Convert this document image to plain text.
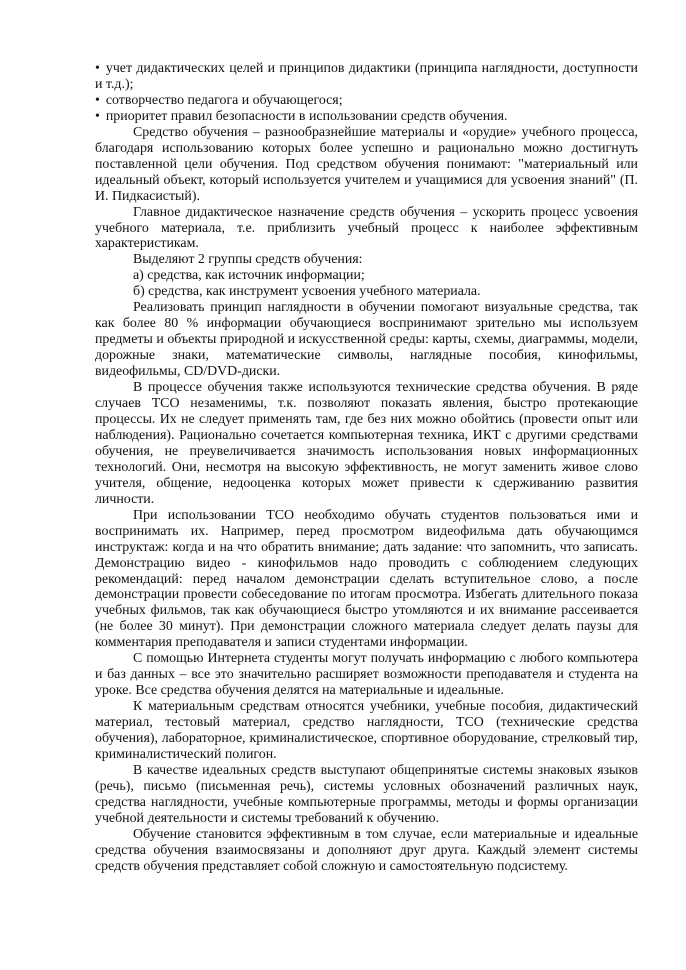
• учет дидактических целей и принципов дидактики (принципа наглядности, доступности и т.д.);

• сотворчество педагога и обучающегося;

• приоритет правил безопасности в использовании средств обучения.

Средство обучения – разнообразнейшие материалы и «орудие» учебного процесса, благодаря использованию которых более успешно и рационально можно достигнуть поставленной цели обучения. Под средством обучения понимают: "материальный или идеальный объект, который используется учителем и учащимися для усвоения знаний" (П. И. Пидкасистый).

Главное дидактическое назначение средств обучения – ускорить процесс усвоения учебного материала, т.е. приблизить учебный процесс к наиболее эффективным характеристикам.

Выделяют 2 группы средств обучения:

а) средства, как источник информации;

б) средства, как инструмент усвоения учебного материала.

Реализовать принцип наглядности в обучении помогают визуальные средства, так как более 80 % информации обучающиеся воспринимают зрительно мы используем предметы и объекты природной и искусственной среды: карты, схемы, диаграммы, модели, дорожные знаки, математические символы, наглядные пособия, кинофильмы, видеофильмы, CD/DVD-диски.

В процессе обучения также используются технические средства обучения. В ряде случаев ТСО незаменимы, т.к. позволяют показать явления, быстро протекающие процессы. Их не следует применять там, где без них можно обойтись (провести опыт или наблюдения). Рационально сочетается компьютерная техника, ИКТ с другими средствами обучения, не преувеличивается значимость использования новых информационных технологий. Они, несмотря на высокую эффективность, не могут заменить живое слово учителя, общение, недооценка которых может привести к сдерживанию развития личности.

При использовании ТСО необходимо обучать студентов пользоваться ими и воспринимать их. Например, перед просмотром видеофильма дать обучающимся инструктаж: когда и на что обратить внимание; дать задание: что запомнить, что записать. Демонстрацию видео - кинофильмов надо проводить с соблюдением следующих рекомендаций: перед началом демонстрации сделать вступительное слово, а после демонстрации провести собеседование по итогам просмотра. Избегать длительного показа учебных фильмов, так как обучающиеся быстро утомляются и их внимание рассеивается (не более 30 минут). При демонстрации сложного материала следует делать паузы для комментария преподавателя и записи студентами информации.

С помощью Интернета студенты могут получать информацию с любого компьютера и баз данных – все это значительно расширяет возможности преподавателя и студента на уроке. Все средства обучения делятся на материальные и идеальные.

К материальным средствам относятся учебники, учебные пособия, дидактический материал, тестовый материал, средство наглядности, ТСО (технические средства обучения), лабораторное, криминалистическое, спортивное оборудование, стрелковый тир, криминалистический полигон.

В качестве идеальных средств выступают общепринятые системы знаковых языков (речь), письмо (письменная речь), системы условных обозначений различных наук, средства наглядности, учебные компьютерные программы, методы и формы организации учебной деятельности и системы требований к обучению.

Обучение становится эффективным в том случае, если материальные и идеальные средства обучения взаимосвязаны и дополняют друг друга. Каждый элемент системы средств обучения представляет собой сложную и самостоятельную подсистему.
